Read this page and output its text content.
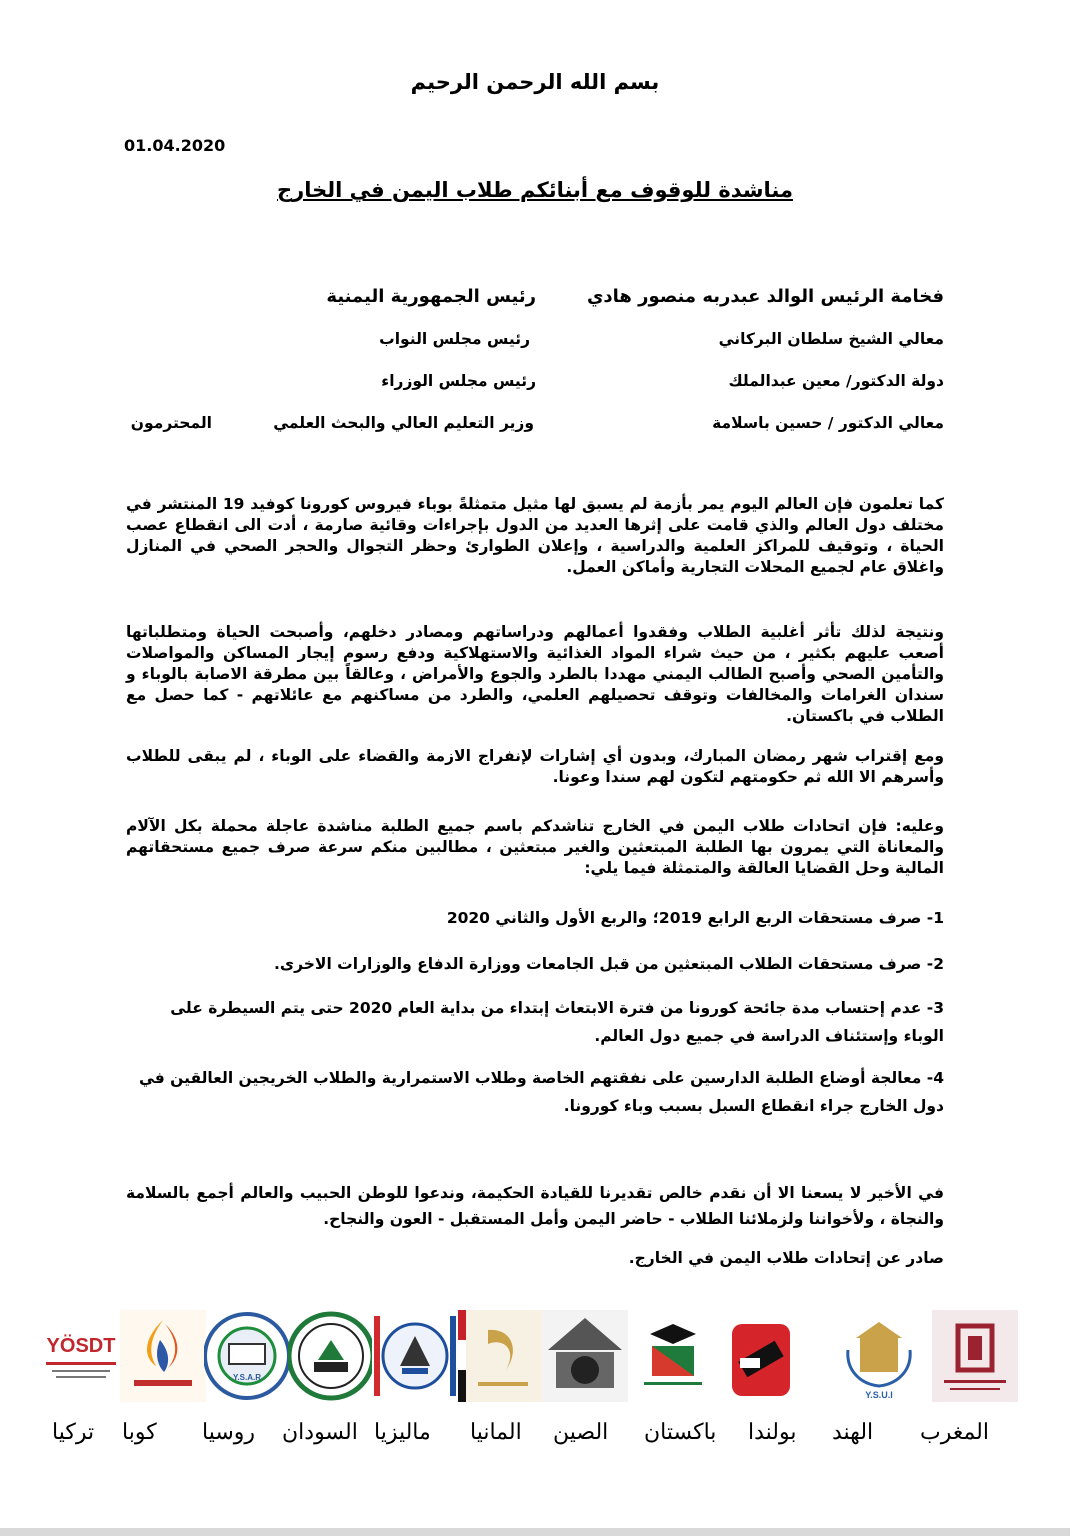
بسم الله الرحمن الرحيم
01.04.2020
مناشدة للوقوف مع أبنائكم طلاب اليمن في الخارج
فخامة الرئيس الوالد عبدربه منصور هادي
رئيس الجمهورية اليمنية
معالي الشيخ سلطان البركاني
رئيس مجلس النواب
دولة الدكتور/ معين عبدالملك
رئيس مجلس الوزراء
معالي الدكتور / حسين باسلامة
وزير التعليم العالي والبحث العلمي
المحترمون
كما تعلمون فإن العالم اليوم يمر بأزمة لم يسبق لها مثيل متمثلةً بوباء فيروس كورونا كوفيد 19 المنتشر في مختلف دول العالم والذي قامت على إثرها العديد من الدول بإجراءات وقائية صارمة ، أدت الى انقطاع عصب الحياة ، وتوقيف للمراكز العلمية والدراسية ، وإعلان الطوارئ وحظر التجوال والحجر الصحي في المنازل واغلاق عام لجميع المحلات التجارية وأماكن العمل.
ونتيجة لذلك تأثر أغلبية الطلاب وفقدوا أعمالهم ودراساتهم ومصادر دخلهم، وأصبحت الحياة ومتطلباتها أصعب عليهم بكثير ، من حيث شراء المواد الغذائية والاستهلاكية ودفع رسوم إيجار المساكن والمواصلات والتأمين الصحي وأصبح الطالب اليمني مهددا بالطرد والجوع والأمراض ، وعالقاً بين مطرقة الاصابة بالوباء و سندان الغرامات والمخالفات وتوقف تحصيلهم العلمي، والطرد من مساكنهم مع عائلاتهم - كما حصل مع الطلاب في باكستان.
ومع إقتراب شهر رمضان المبارك، وبدون أي إشارات لإنفراج الازمة والقضاء على الوباء ، لم يبقى للطلاب وأسرهم الا الله ثم حكومتهم لتكون لهم سندا وعونا.
وعليه: فإن اتحادات طلاب اليمن في الخارج تناشدكم باسم جميع الطلبة مناشدة عاجلة محملة بكل الآلام والمعاناة التي يمرون بها الطلبة المبتعثين والغير مبتعثين ، مطالبين منكم سرعة صرف جميع مستحقاتهم المالية وحل القضايا العالقة والمتمثلة فيما يلي:
1- صرف مستحقات الربع الرابع 2019؛ والربع الأول والثاني 2020
2- صرف مستحقات الطلاب المبتعثين من قبل الجامعات ووزارة الدفاع والوزارات الاخرى.
3- عدم إحتساب مدة جائحة كورونا من فترة الابتعاث إبتداء من بداية العام 2020 حتى يتم السيطرة على الوباء وإستئناف الدراسة في جميع دول العالم.
4- معالجة أوضاع الطلبة الدارسين على نفقتهم الخاصة وطلاب الاستمرارية والطلاب الخريجين العالقين في دول الخارج جراء انقطاع السبل بسبب وباء كورونا.
في الأخير لا يسعنا الا أن نقدم خالص تقديرنا للقيادة الحكيمة، وندعوا للوطن الحبيب والعالم أجمع بالسلامة والنجاة ، ولأخواننا ولزملائنا الطلاب - حاضر اليمن وأمل المستقبل - العون والنجاح.
صادر عن إتحادات طلاب اليمن في الخارج.
YÖSDT
Y.S.A.R
Y.S.U.I
تركيا كوبا روسيا السودان ماليزيا المانيا الصين باكستان بولندا الهند المغرب
